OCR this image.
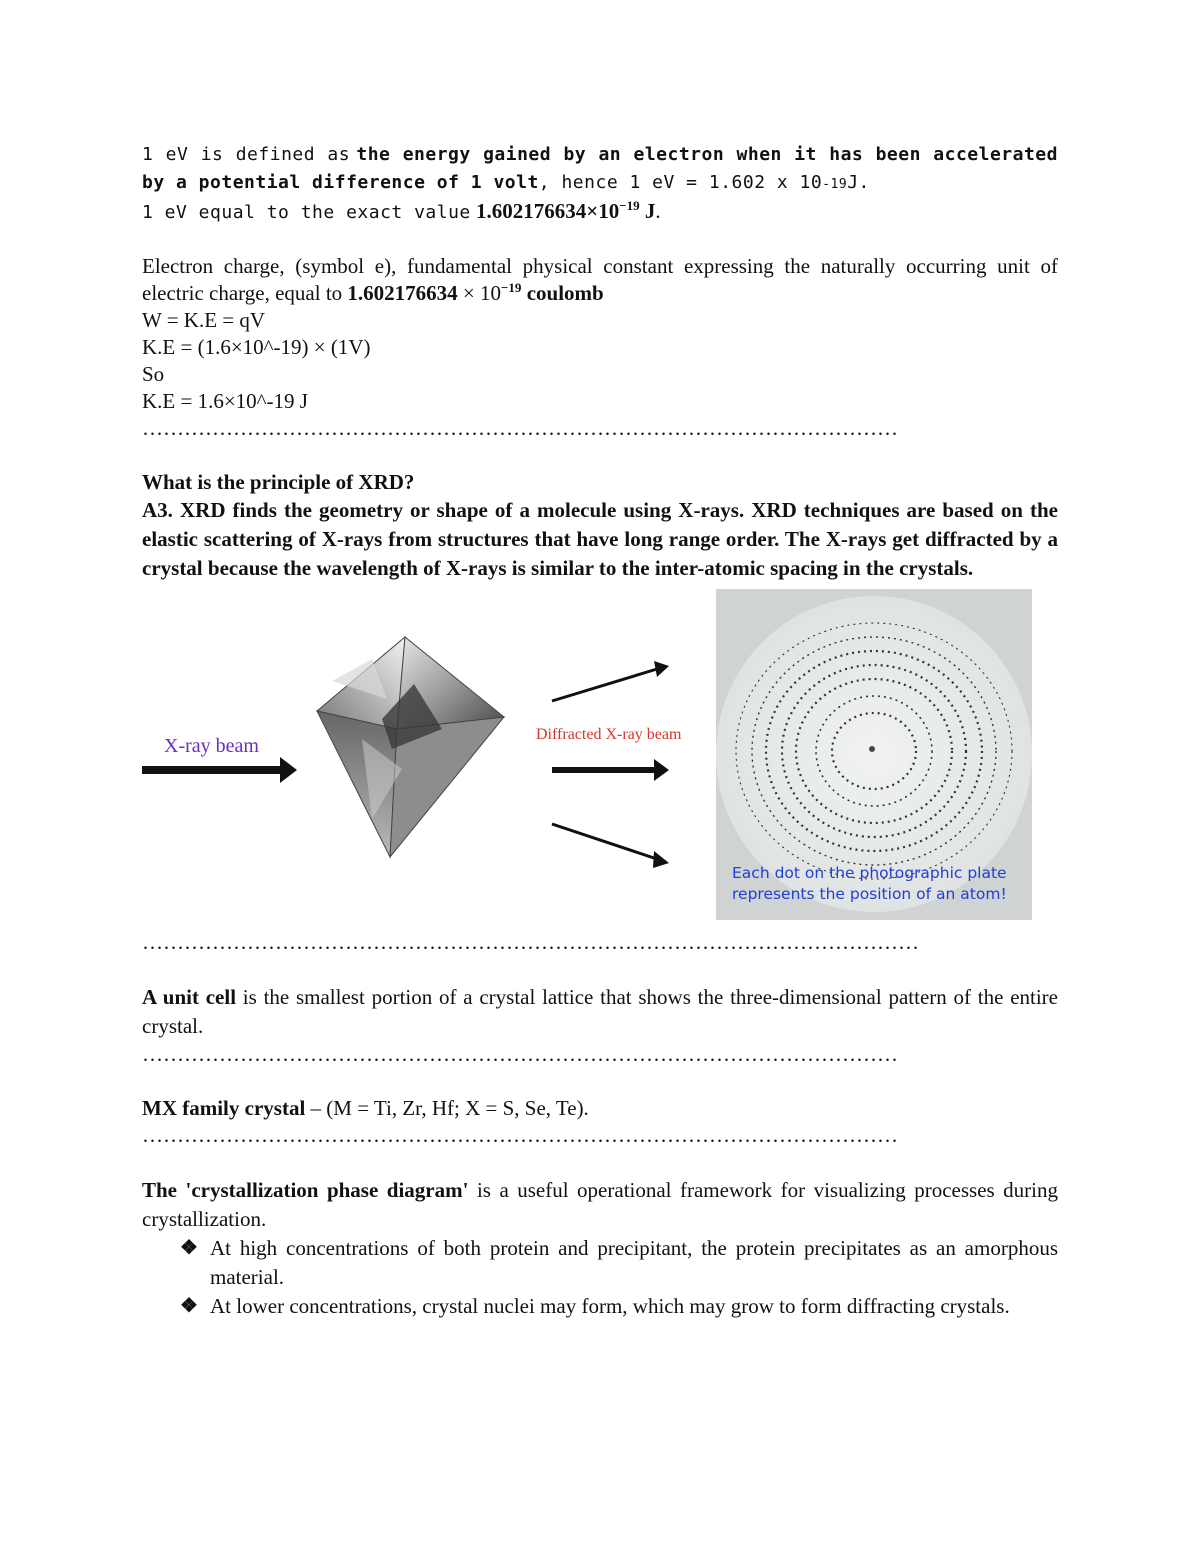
1 eV is defined as the energy gained by an electron when it has been accelerated by a potential difference of 1 volt, hence 1 eV = 1.602 x 10-19J.

1 eV equal to the exact value $1.602176634\times 10^{-19}$ J.

Electron charge, (symbol e), fundamental physical constant expressing the naturally occurring unit of electric charge, equal to $1.602176634 \times 10^{-19}$ coulomb

W = K.E = qV

K.E = (1.6×10^-19) × (1V)

So

K.E = 1.6×10^-19 J

………………………………………………………………………………………………

What is the principle of XRD?

A3. XRD finds the geometry or shape of a molecule using X-rays. XRD techniques are based on the elastic scattering of X-rays from structures that have long range order. The X-rays get diffracted by a crystal because the wavelength of X-rays is similar to the inter-atomic spacing in the crystals.

X-ray beam
Diffracted X-ray beam
Each dot on the photographic plate
represents the position of an atom!

…………………………………………………………………………………………………

A unit cell is the smallest portion of a crystal lattice that shows the three-dimensional pattern of the entire crystal.

………………………………………………………………………………………………

MX family crystal – (M = Ti, Zr, Hf; X = S, Se, Te).

………………………………………………………………………………………………

The 'crystallization phase diagram' is a useful operational framework for visualizing processes during crystallization.

❖ At high concentrations of both protein and precipitant, the protein precipitates as an amorphous material.
❖ At lower concentrations, crystal nuclei may form, which may grow to form diffracting crystals.
